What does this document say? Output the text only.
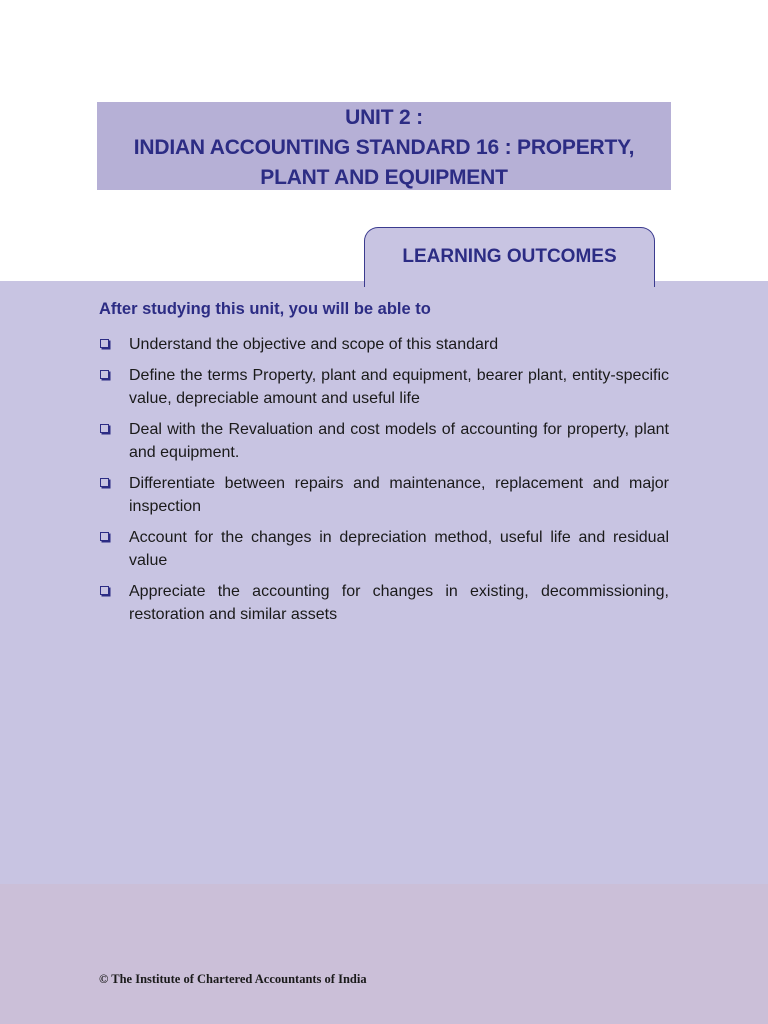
UNIT 2 :
INDIAN ACCOUNTING STANDARD 16 : PROPERTY,
PLANT AND EQUIPMENT
LEARNING OUTCOMES
After studying this unit, you will be able to
Understand the objective and scope of this standard
Define the terms Property, plant and equipment, bearer plant, entity-specific value, depreciable amount and useful life
Deal with the Revaluation and cost models of accounting for property, plant and equipment.
Differentiate between repairs and maintenance, replacement and major inspection
Account for the changes in depreciation method, useful life and residual value
Appreciate the accounting for changes in existing, decommissioning, restoration and similar assets
© The Institute of Chartered Accountants of India
